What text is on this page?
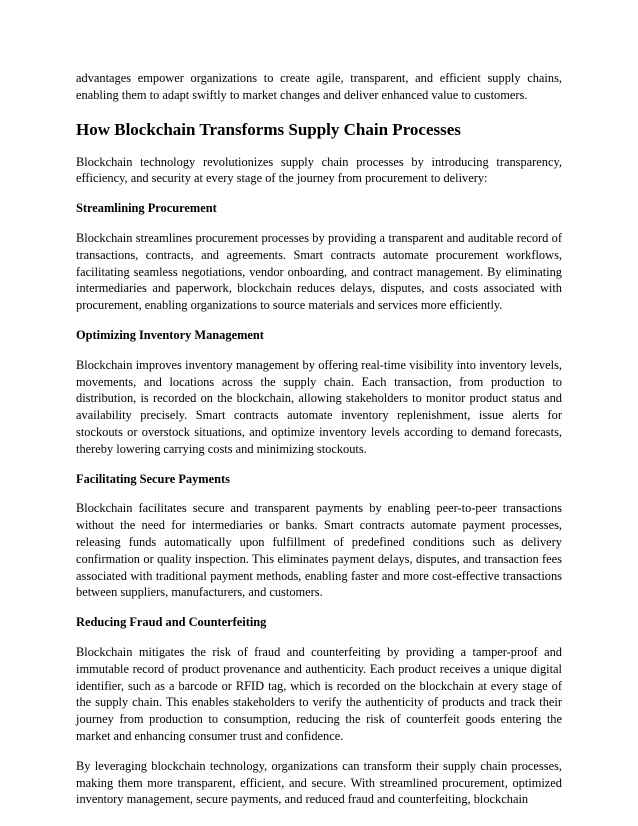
advantages empower organizations to create agile, transparent, and efficient supply chains, enabling them to adapt swiftly to market changes and deliver enhanced value to customers.

How Blockchain Transforms Supply Chain Processes

Blockchain technology revolutionizes supply chain processes by introducing transparency, efficiency, and security at every stage of the journey from procurement to delivery:

Streamlining Procurement

Blockchain streamlines procurement processes by providing a transparent and auditable record of transactions, contracts, and agreements. Smart contracts automate procurement workflows, facilitating seamless negotiations, vendor onboarding, and contract management. By eliminating intermediaries and paperwork, blockchain reduces delays, disputes, and costs associated with procurement, enabling organizations to source materials and services more efficiently.

Optimizing Inventory Management

Blockchain improves inventory management by offering real-time visibility into inventory levels, movements, and locations across the supply chain. Each transaction, from production to distribution, is recorded on the blockchain, allowing stakeholders to monitor product status and availability precisely. Smart contracts automate inventory replenishment, issue alerts for stockouts or overstock situations, and optimize inventory levels according to demand forecasts, thereby lowering carrying costs and minimizing stockouts.

Facilitating Secure Payments

Blockchain facilitates secure and transparent payments by enabling peer-to-peer transactions without the need for intermediaries or banks. Smart contracts automate payment processes, releasing funds automatically upon fulfillment of predefined conditions such as delivery confirmation or quality inspection. This eliminates payment delays, disputes, and transaction fees associated with traditional payment methods, enabling faster and more cost-effective transactions between suppliers, manufacturers, and customers.

Reducing Fraud and Counterfeiting

Blockchain mitigates the risk of fraud and counterfeiting by providing a tamper-proof and immutable record of product provenance and authenticity. Each product receives a unique digital identifier, such as a barcode or RFID tag, which is recorded on the blockchain at every stage of the supply chain. This enables stakeholders to verify the authenticity of products and track their journey from production to consumption, reducing the risk of counterfeit goods entering the market and enhancing consumer trust and confidence.

By leveraging blockchain technology, organizations can transform their supply chain processes, making them more transparent, efficient, and secure. With streamlined procurement, optimized inventory management, secure payments, and reduced fraud and counterfeiting, blockchain
